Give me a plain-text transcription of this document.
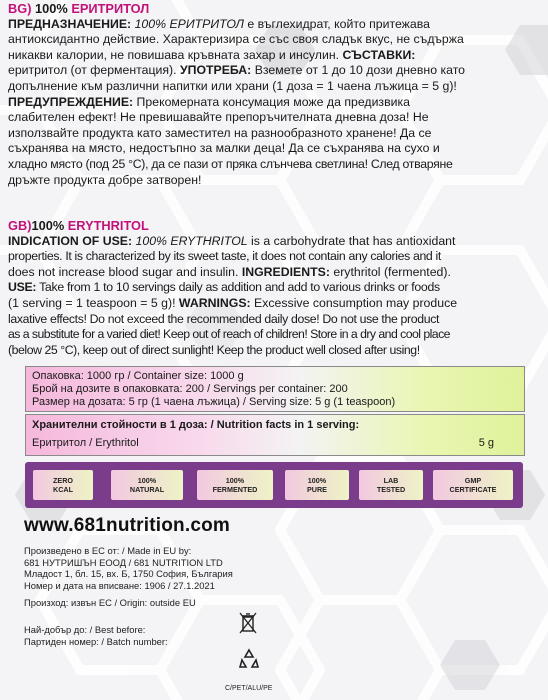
BG) 100% ЕРИТРИТОЛ
ПРЕДНАЗНАЧЕНИЕ: 100% ЕРИТРИТОЛ е въглехидрат, който притежава
антиоксидантно действие. Характеризира се със своя сладък вкус, не съдържа
никакви калории, не повишава кръвната захар и инсулин. СЪСТАВКИ:
еритритол (от ферментация). УПОТРЕБА: Вземете от 1 до 10 дози дневно като
допълнение към различни напитки или храни (1 доза = 1 чаена лъжица = 5 g)!
ПРЕДУПРЕЖДЕНИЕ: Прекомерната консумация може да предизвика
слабителен ефект! Не превишавайте препоръчителната дневна доза! Не
използвайте продукта като заместител на разнообразното хранене! Да се
съхранява на място, недостъпно за малки деца! Да се съхранява на сухо и
хладно място (под 25 °C), да се пази от пряка слънчева светлина! След отваряне
дръжте продукта добре затворен!
GB)100% ERYTHRITOL
INDICATION OF USE: 100% ERYTHRITOL is a carbohydrate that has antioxidant
properties. It is characterized by its sweet taste, it does not contain any calories and it
does not increase blood sugar and insulin. INGREDIENTS: erythritol (fermented).
USE: Take from 1 to 10 servings daily as addition and add to various drinks or foods
(1 serving = 1 teaspoon = 5 g)! WARNINGS: Excessive consumption may produce
laxative effects! Do not exceed the recommended daily dose! Do not use the product
as a substitute for a varied diet! Keep out of reach of children! Store in a dry and cool place
(below 25 °C), keep out of direct sunlight! Keep the product well closed after using!
Опаковка: 1000 гр / Container size: 1000 g
Брой на дозите в опаковката: 200 / Servings per container: 200
Размер на дозата: 5 гр (1 чаена лъжица) / Serving size: 5 g (1 teaspoon)
Хранителни стойности в 1 доза: / Nutrition facts in 1 serving:
Еритритол / Erythritol	5 g
ZERO
KCAL
100%
NATURAL
100%
FERMENTED
100%
PURE
LAB
TESTED
GMP
CERTIFICATE
www.681nutrition.com
Произведено в ЕС от: / Made in EU by:
681 НУТРИШЪН ЕООД / 681 NUTRITION LTD
Младост 1, бл. 15, вх. Б, 1750 София, България
Номер и дата на вписване: 1906 / 27.1.2021
Произход: извън ЕС / Origin: outside EU
Най-добър до: / Best before:
Партиден номер: / Batch number:
C/PET/ALU/PE
